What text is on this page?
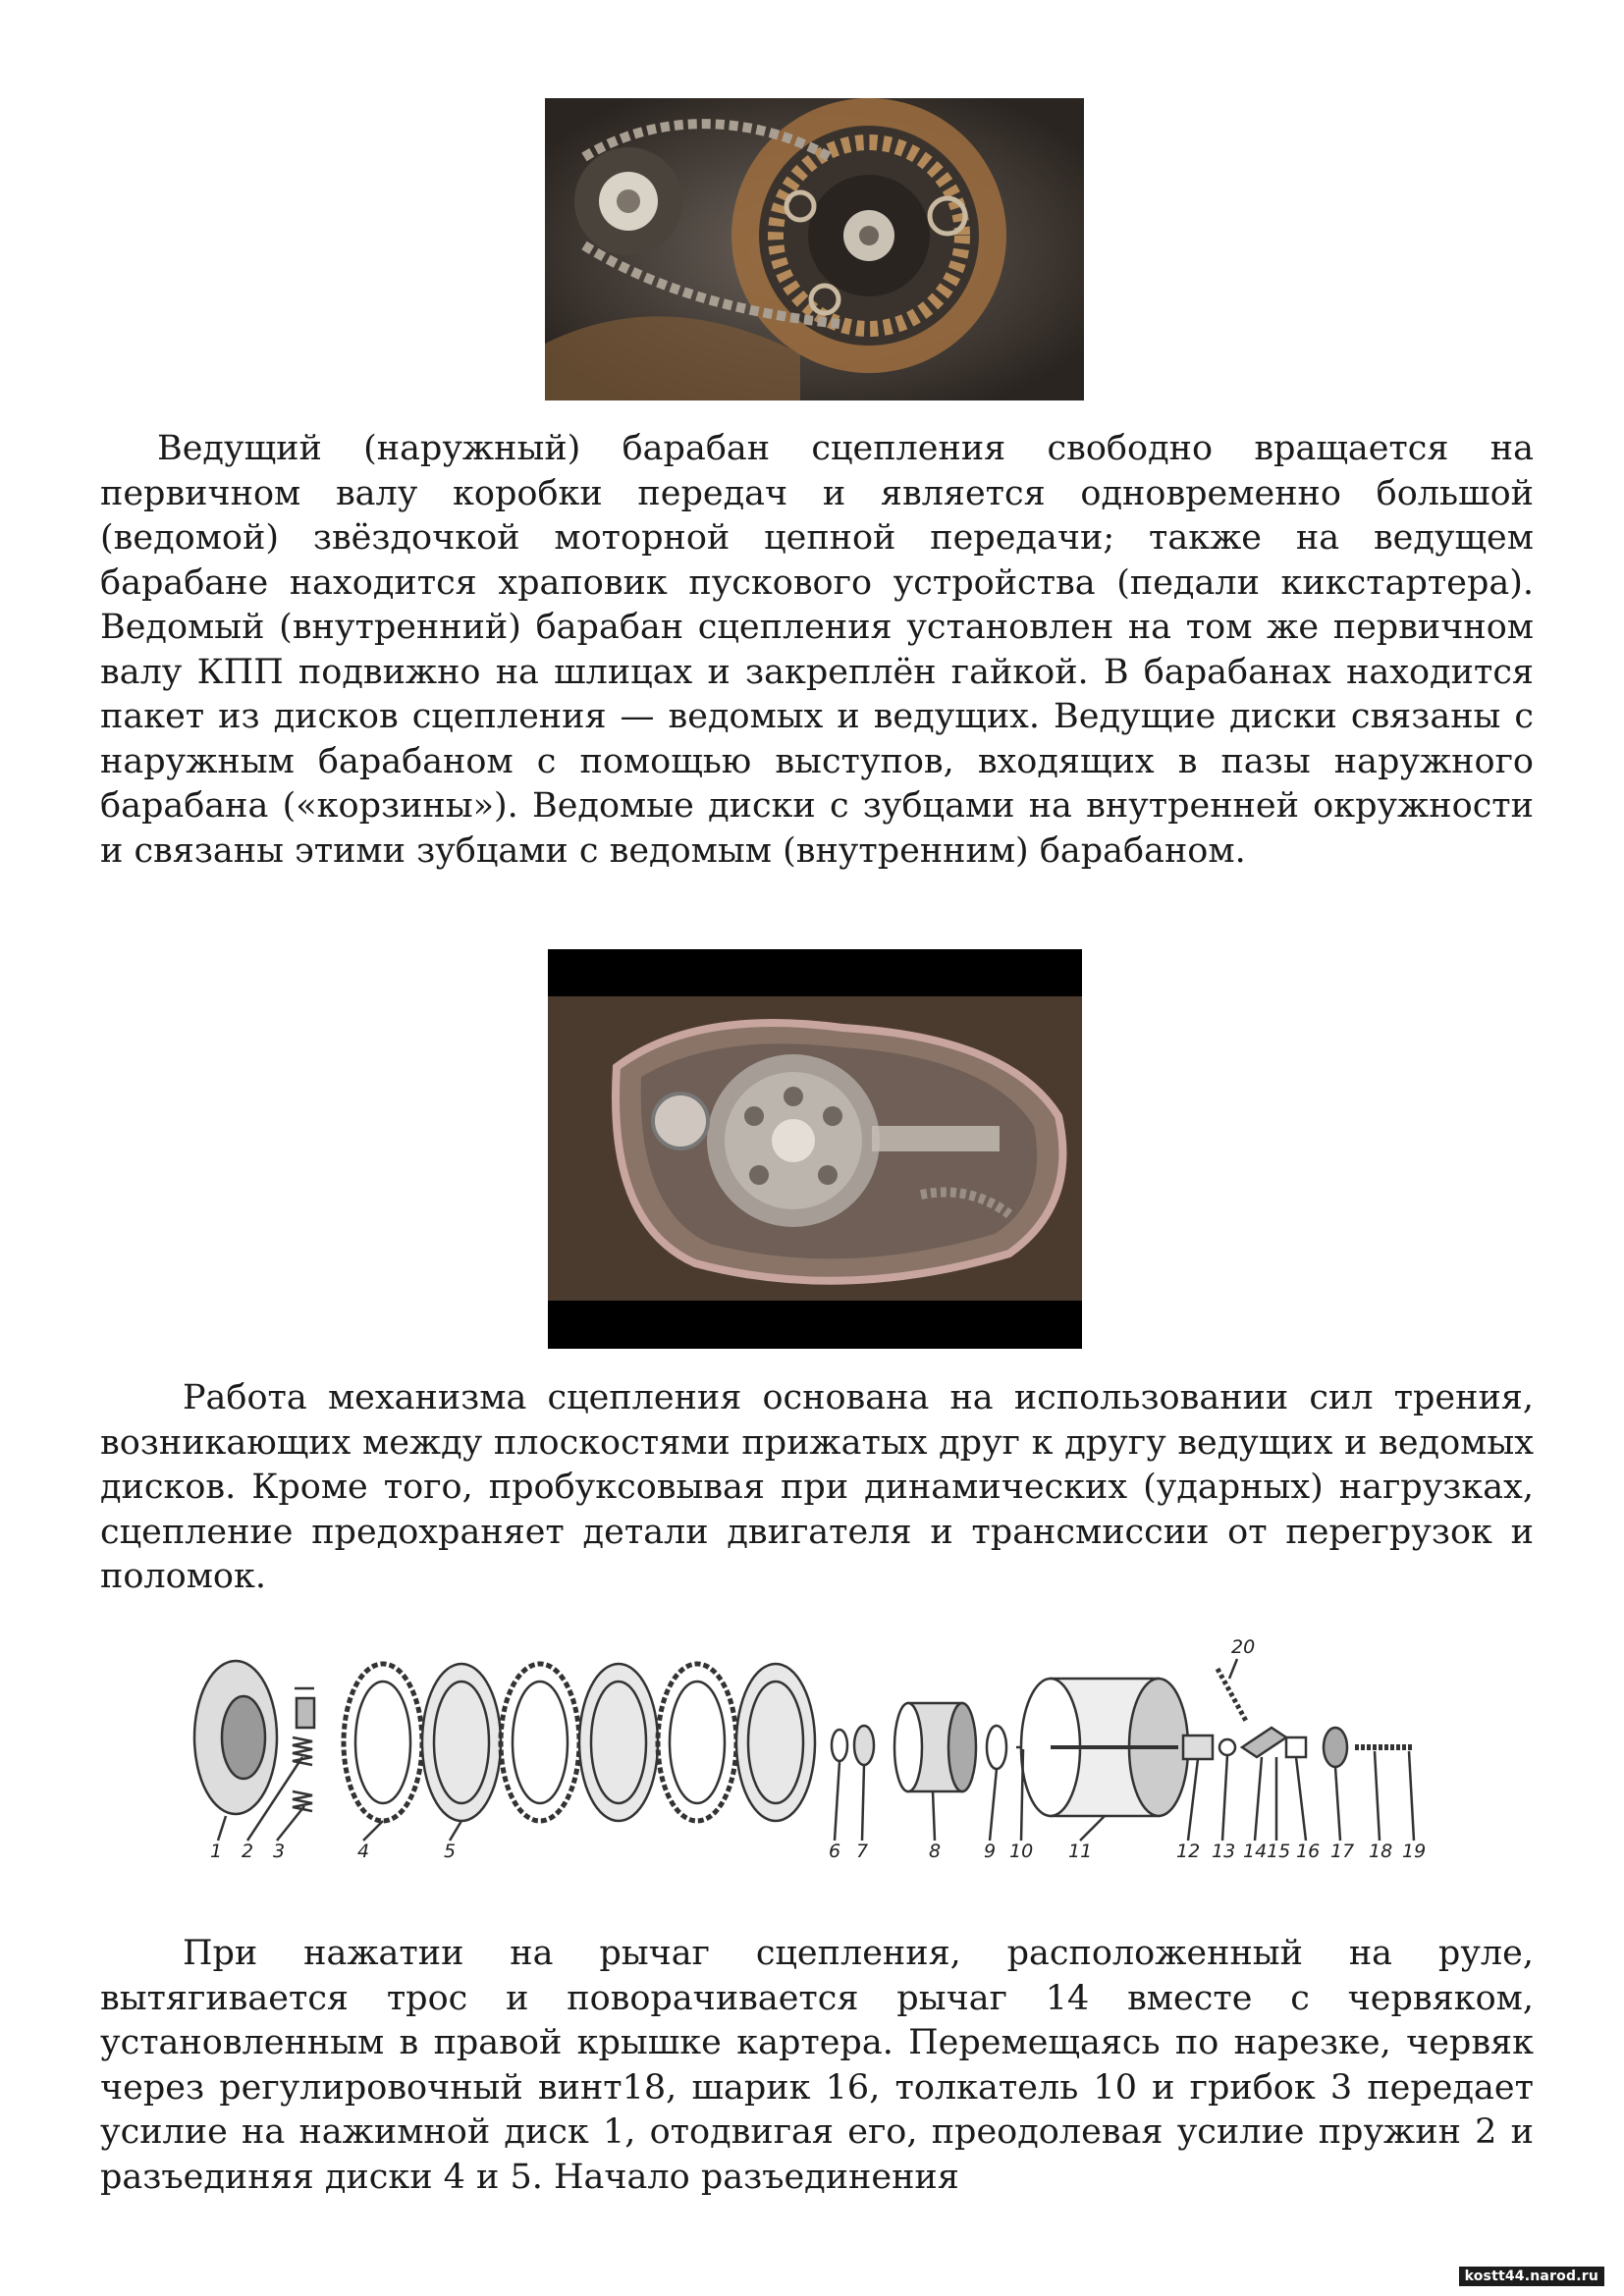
Ведущий (наружный) барабан сцепления свободно вращается на первичном валу коробки передач и является одновременно большой (ведомой) звёздочкой моторной цепной передачи; также на ведущем барабане находится храповик пускового устройства (педали кикстартера). Ведомый (внутренний) барабан сцепления установлен на том же первичном валу КПП подвижно на шлицах и закреплён гайкой. В барабанах находится пакет из дисков сцепления — ведомых и ведущих. Ведущие диски связаны с наружным барабаном с помощью выступов, входящих в пазы наружного барабана («корзины»). Ведомые диски с зубцами на внутренней окружности и связаны этими зубцами с ведомым (внутренним) барабаном.

Работа механизма сцепления основана на использовании сил трения, возникающих между плоскостями прижатых друг к другу ведущих и ведомых дисков. Кроме того, пробуксовывая при динамических (ударных) нагрузках, сцепление предохраняет детали двигателя и трансмиссии от перегрузок и поломок.

1 2 3	4	5	6 7	8 9 10 11	12 13 14 15 16 17 18 19
20

При нажатии на рычаг сцепления, расположенный на руле, вытягивается трос и поворачивается рычаг 14 вместе с червяком, установленным в правой крышке картера. Перемещаясь по нарезке, червяк через регулировочный винт18, шарик 16, толкатель 10 и грибок 3 передает усилие на нажимной диск 1, отодвигая его, преодолевая усилие пружин 2 и разъединяя диски 4 и 5. Начало разъединения

kostt44.narod.ru
